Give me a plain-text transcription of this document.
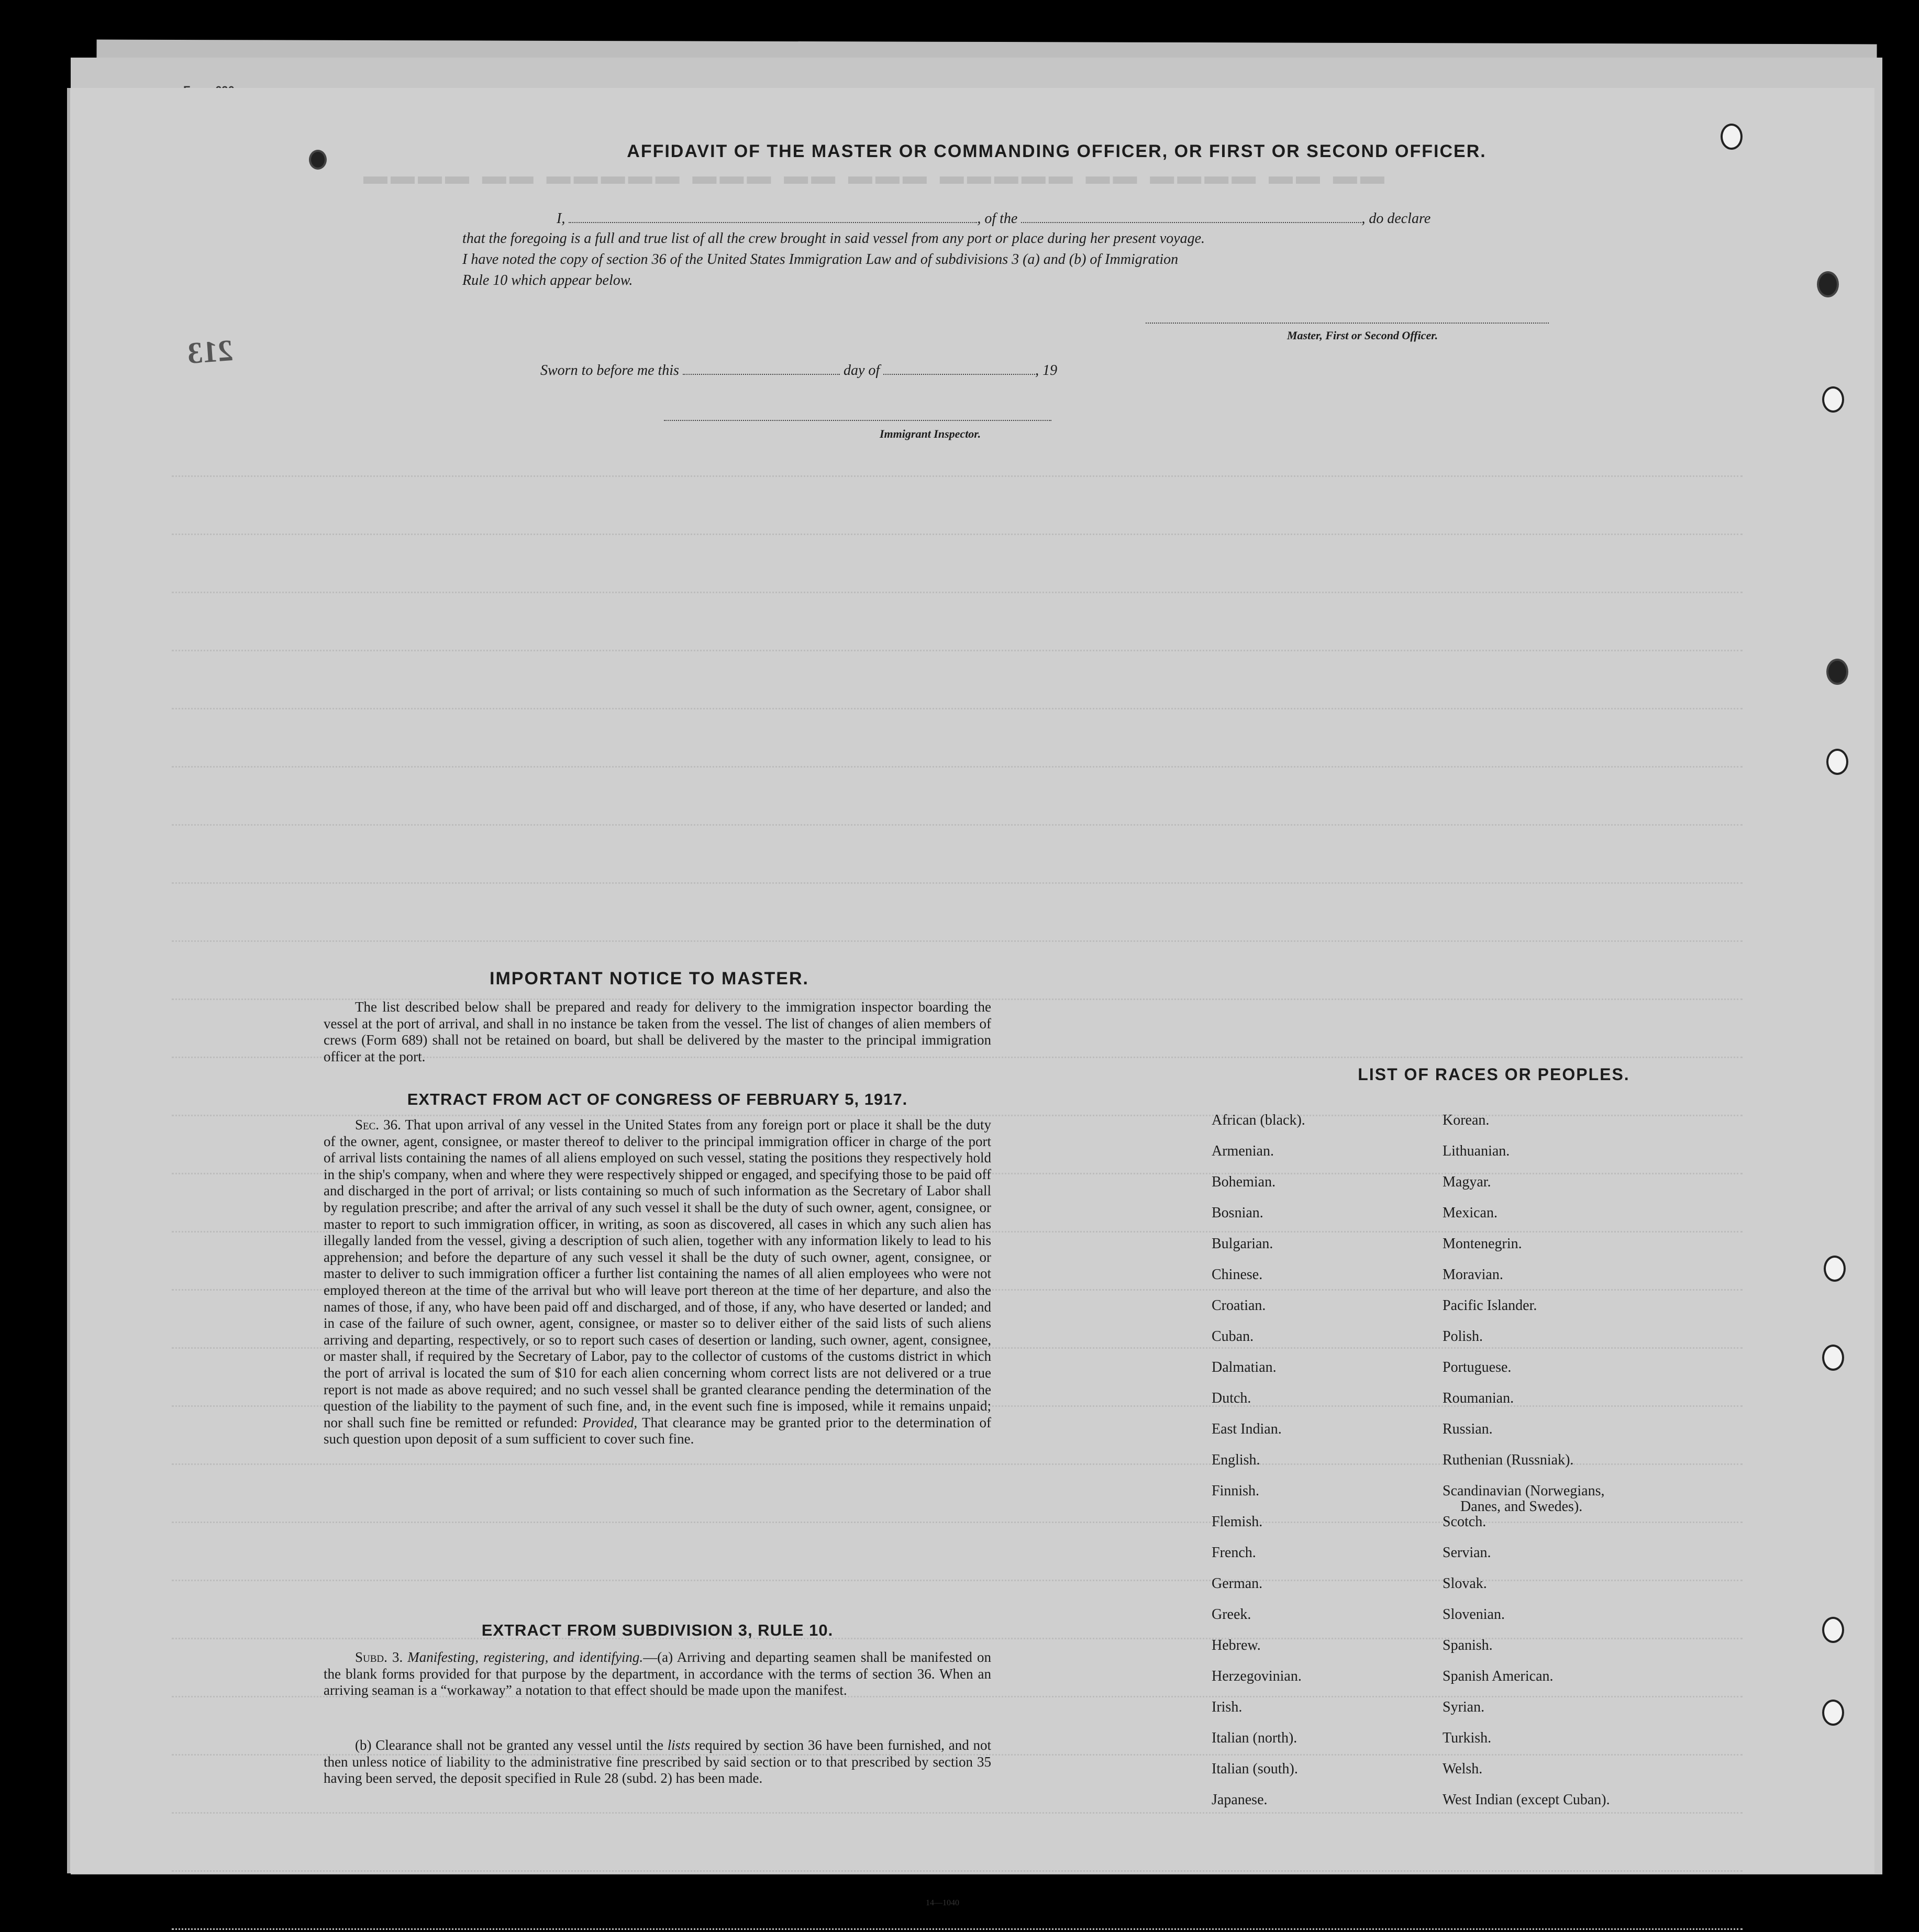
▬▬ ▬▬ ▬▬▬▬ ▬▬ ▬▬▬▬▬ ▬▬▬ ▬▬ ▬▬▬ ▬▬▬▬▬ ▬▬ ▬▬▬▬
213
AFFIDAVIT OF THE MASTER OR COMMANDING OFFICER, OR FIRST OR SECOND OFFICER.
I,	, of the	, do declare
that the foregoing is a full and true list of all the crew brought in said vessel from any port or place during her present voyage.
I have noted the copy of section 36 of the United States Immigration Law and of subdivisions 3 (a) and (b) of Immigration
Rule 10 which appear below.
Master, First or Second Officer.
Sworn to before me this	day of	, 19
Immigrant Inspector.
IMPORTANT NOTICE TO MASTER.
The list described below shall be prepared and ready for delivery to the immigration inspector boarding the vessel at the port of arrival, and shall in no instance be taken from the vessel. The list of changes of alien members of crews (Form 689) shall not be retained on board, but shall be delivered by the master to the principal immigration officer at the port.
EXTRACT FROM ACT OF CONGRESS OF FEBRUARY 5, 1917.
Sec. 36. That upon arrival of any vessel in the United States from any foreign port or place it shall be the duty of the owner, agent, consignee, or master thereof to deliver to the principal immigration officer in charge of the port of arrival lists containing the names of all aliens employed on such vessel, stating the positions they respectively hold in the ship's company, when and where they were respectively shipped or engaged, and specifying those to be paid off and discharged in the port of arrival; or lists containing so much of such information as the Secretary of Labor shall by regulation prescribe; and after the arrival of any such vessel it shall be the duty of such owner, agent, consignee, or master to report to such immigration officer, in writing, as soon as discovered, all cases in which any such alien has illegally landed from the vessel, giving a description of such alien, together with any information likely to lead to his apprehension; and before the departure of any such vessel it shall be the duty of such owner, agent, consignee, or master to deliver to such immigration officer a further list containing the names of all alien employees who were not employed thereon at the time of the arrival but who will leave port thereon at the time of her departure, and also the names of those, if any, who have been paid off and discharged, and of those, if any, who have deserted or landed; and in case of the failure of such owner, agent, consignee, or master so to deliver either of the said lists of such aliens arriving and departing, respectively, or so to report such cases of desertion or landing, such owner, agent, consignee, or master shall, if required by the Secretary of Labor, pay to the collector of customs of the customs district in which the port of arrival is located the sum of $10 for each alien concerning whom correct lists are not delivered or a true report is not made as above required; and no such vessel shall be granted clearance pending the determination of the question of the liability to the payment of such fine, and, in the event such fine is imposed, while it remains unpaid; nor shall such fine be remitted or refunded: Provided, That clearance may be granted prior to the determination of such question upon deposit of a sum sufficient to cover such fine.
EXTRACT FROM SUBDIVISION 3, RULE 10.
Subd. 3. Manifesting, registering, and identifying.—(a) Arriving and departing seamen shall be manifested on the blank forms provided for that purpose by the department, in accordance with the terms of section 36. When an arriving seaman is a “workaway” a notation to that effect should be made upon the manifest.
(b) Clearance shall not be granted any vessel until the lists required by section 36 have been furnished, and not then unless notice of liability to the administrative fine prescribed by said section or to that prescribed by section 35 having been served, the deposit specified in Rule 28 (subd. 2) has been made.
14—1040
LIST OF RACES OR PEOPLES.
African (black).
Armenian.
Bohemian.
Bosnian.
Bulgarian.
Chinese.
Croatian.
Cuban.
Dalmatian.
Dutch.
East Indian.
English.
Finnish.
Flemish.
French.
German.
Greek.
Hebrew.
Herzegovinian.
Irish.
Italian (north).
Italian (south).
Japanese.
Korean.
Lithuanian.
Magyar.
Mexican.
Montenegrin.
Moravian.
Pacific Islander.
Polish.
Portuguese.
Roumanian.
Russian.
Ruthenian (Russniak).
Scandinavian (Norwegians,
Danes, and Swedes).
Scotch.
Servian.
Slovak.
Slovenian.
Spanish.
Spanish American.
Syrian.
Turkish.
Welsh.
West Indian (except Cuban).
